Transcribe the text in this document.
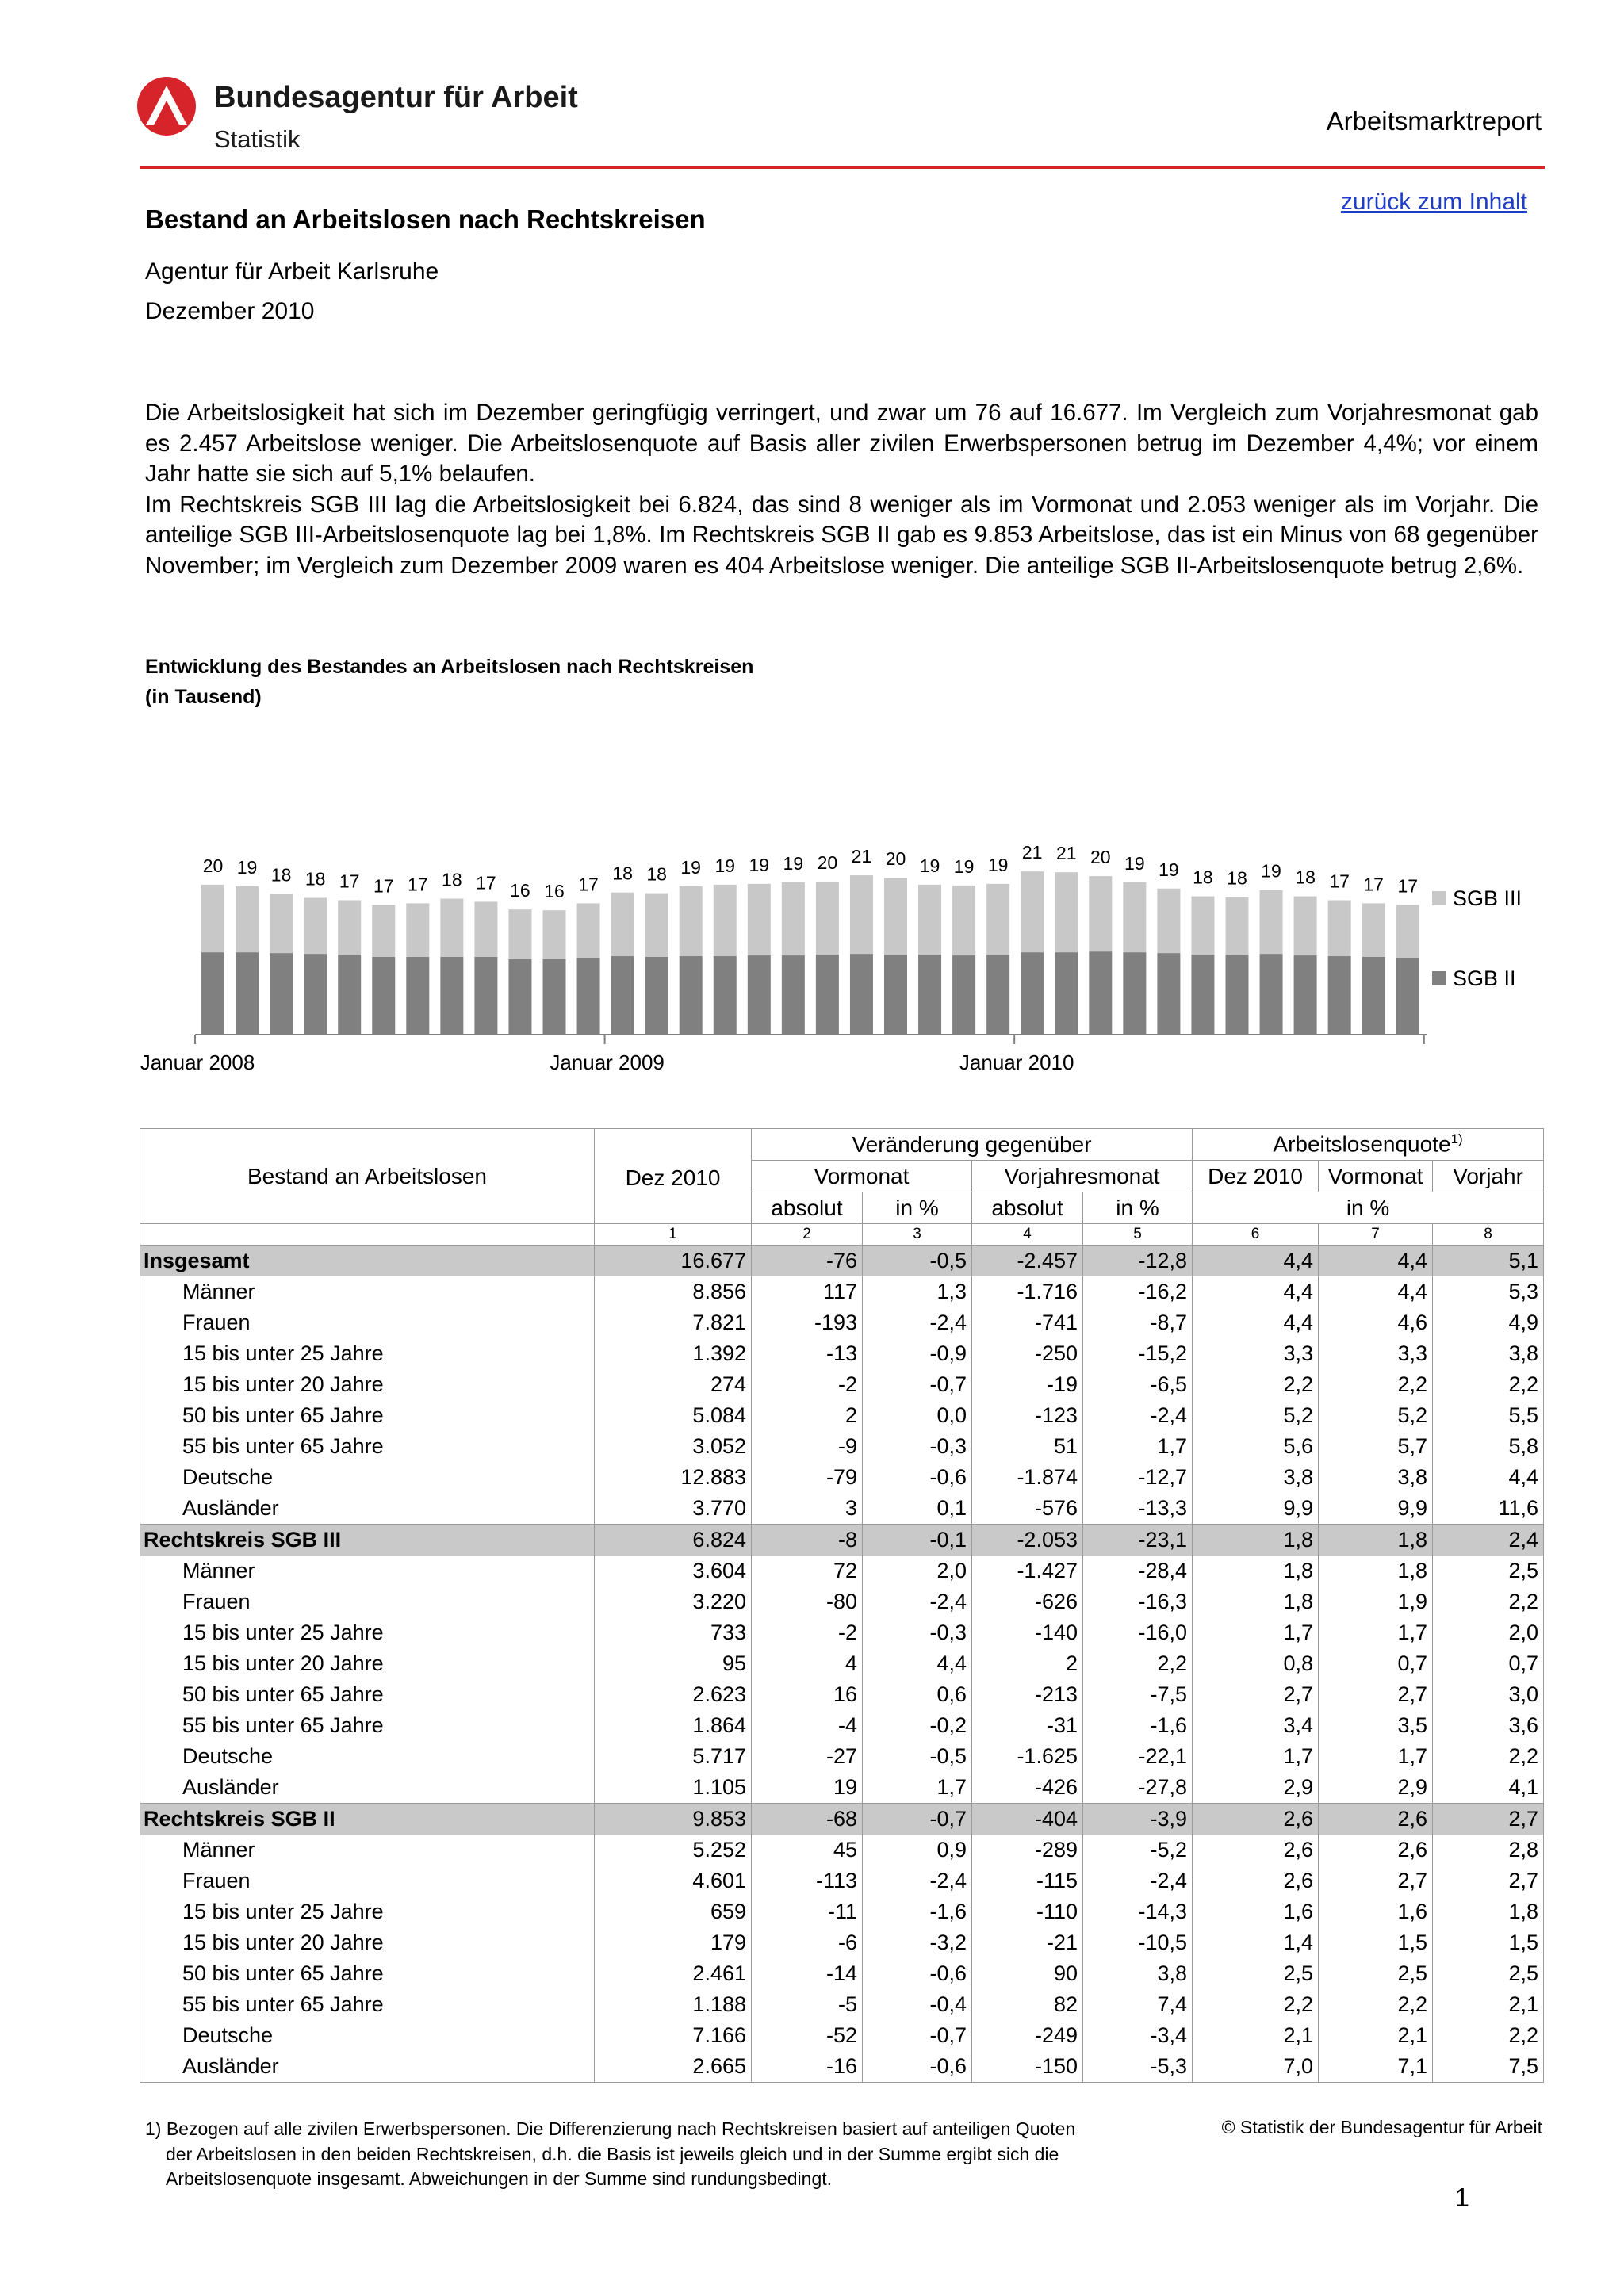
Bundesagentur für Arbeit
Statistik
Arbeitsmarktreport
zurück zum Inhalt
Bestand an Arbeitslosen nach Rechtskreisen
Agentur für Arbeit Karlsruhe
Dezember 2010

Die Arbeitslosigkeit hat sich im Dezember geringfügig verringert, und zwar um 76 auf 16.677. Im Vergleich zum Vorjahresmonat gab es 2.457 Arbeitslose weniger. Die Arbeitslosenquote auf Basis aller zivilen Erwerbspersonen betrug im Dezember 4,4%; vor einem Jahr hatte sie sich auf 5,1% belaufen.

Im Rechtskreis SGB III lag die Arbeitslosigkeit bei 6.824, das sind 8 weniger als im Vormonat und 2.053 weniger als im Vorjahr. Die anteilige SGB III-Arbeitslosenquote lag bei 1,8%. Im Rechtskreis SGB II gab es 9.853 Arbeitslose, das ist ein Minus von 68 gegenüber November; im Vergleich zum Dezember 2009 waren es 404 Arbeitslose weniger. Die anteilige SGB II-Arbeitslosenquote betrug 2,6%.

Entwicklung des Bestandes an Arbeitslosen nach Rechtskreisen
(in Tausend)
20 19 18 18 17 17 17 18 17 16 16 17
18 18 19 19 19 19 20 21 20 19 19 19
21 21 20 19 19 18 18 19 18 17 17 17
Januar 2008	Januar 2009	Januar 2010
SGB III
SGB II
Bestand an Arbeitslosen	Dez 2010	Veränderung gegenüber				Arbeitslosenquote$^{1)}$
		Vormonat		Vorjahresmonat		Dez 2010	Vormonat	Vorjahr
		absolut	in %	absolut	in %	in %		
	1	2	3	4	5	6	7	8
Insgesamt	16.677	-76	-0,5	-2.457	-12,8	4,4	4,4	5,1
Männer	8.856	117	1,3	-1.716	-16,2	4,4	4,4	5,3
Frauen	7.821	-193	-2,4	-741	-8,7	4,4	4,6	4,9
15 bis unter 25 Jahre	1.392	-13	-0,9	-250	-15,2	3,3	3,3	3,8
15 bis unter 20 Jahre	274	-2	-0,7	-19	-6,5	2,2	2,2	2,2
50 bis unter 65 Jahre	5.084	2	0,0	-123	-2,4	5,2	5,2	5,5
55 bis unter 65 Jahre	3.052	-9	-0,3	51	1,7	5,6	5,7	5,8
Deutsche	12.883	-79	-0,6	-1.874	-12,7	3,8	3,8	4,4
Ausländer	3.770	3	0,1	-576	-13,3	9,9	9,9	11,6
Rechtskreis SGB III	6.824	-8	-0,1	-2.053	-23,1	1,8	1,8	2,4
Männer	3.604	72	2,0	-1.427	-28,4	1,8	1,8	2,5
Frauen	3.220	-80	-2,4	-626	-16,3	1,8	1,9	2,2
15 bis unter 25 Jahre	733	-2	-0,3	-140	-16,0	1,7	1,7	2,0
15 bis unter 20 Jahre	95	4	4,4	2	2,2	0,8	0,7	0,7
50 bis unter 65 Jahre	2.623	16	0,6	-213	-7,5	2,7	2,7	3,0
55 bis unter 65 Jahre	1.864	-4	-0,2	-31	-1,6	3,4	3,5	3,6
Deutsche	5.717	-27	-0,5	-1.625	-22,1	1,7	1,7	2,2
Ausländer	1.105	19	1,7	-426	-27,8	2,9	2,9	4,1
Rechtskreis SGB II	9.853	-68	-0,7	-404	-3,9	2,6	2,6	2,7
Männer	5.252	45	0,9	-289	-5,2	2,6	2,6	2,8
Frauen	4.601	-113	-2,4	-115	-2,4	2,6	2,7	2,7
15 bis unter 25 Jahre	659	-11	-1,6	-110	-14,3	1,6	1,6	1,8
15 bis unter 20 Jahre	179	-6	-3,2	-21	-10,5	1,4	1,5	1,5
50 bis unter 65 Jahre	2.461	-14	-0,6	90	3,8	2,5	2,5	2,5
55 bis unter 65 Jahre	1.188	-5	-0,4	82	7,4	2,2	2,2	2,1
Deutsche	7.166	-52	-0,7	-249	-3,4	2,1	2,1	2,2
Ausländer	2.665	-16	-0,6	-150	-5,3	7,0	7,1	7,5
1) Bezogen auf alle zivilen Erwerbspersonen. Die Differenzierung nach Rechtskreisen basiert auf anteiligen Quoten
der Arbeitslosen in den beiden Rechtskreisen, d.h. die Basis ist jeweils gleich und in der Summe ergibt sich die
Arbeitslosenquote insgesamt. Abweichungen in der Summe sind rundungsbedingt.
© Statistik der Bundesagentur für Arbeit
1
